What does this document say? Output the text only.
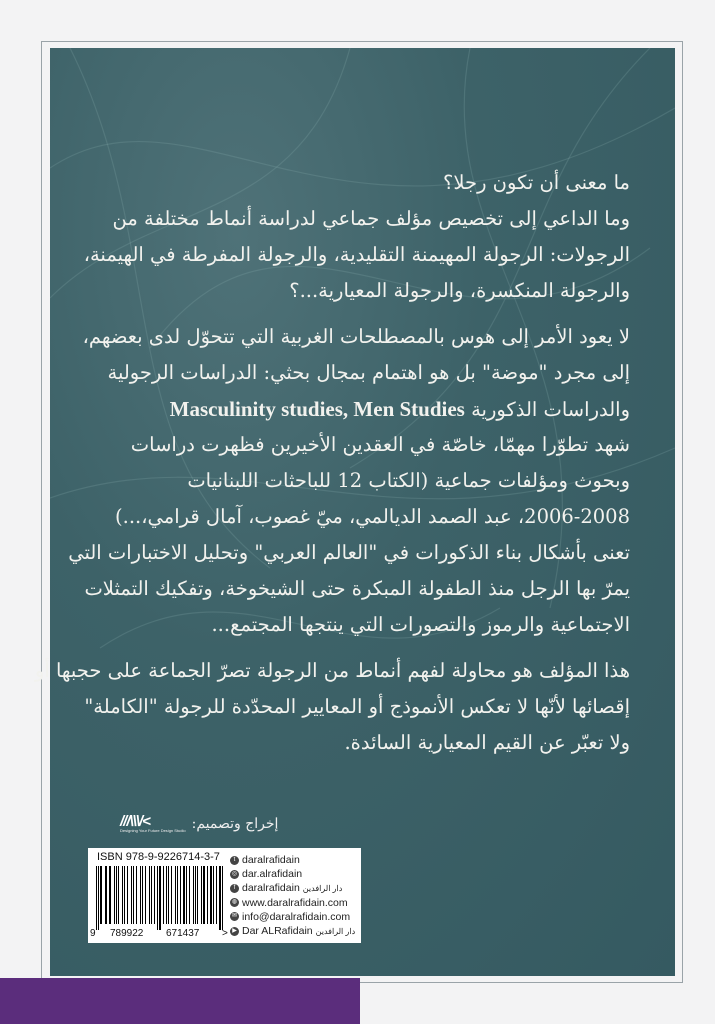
ما معنى أن تكون رجلا؟
وما الداعي إلى تخصيص مؤلف جماعي لدراسة أنماط مختلفة من
الرجولات: الرجولة المهيمنة التقليدية، والرجولة المفرطة في الهيمنة،
والرجولة المنكسرة، والرجولة المعيارية...؟
لا يعود الأمر إلى هوس بالمصطلحات الغربية التي تتحوّل لدى بعضهم،
إلى مجرد "موضة" بل هو اهتمام بمجال بحثي: الدراسات الرجولية
والدراسات الذكورية Masculinity studies, Men Studies
شهد تطوّرا مهمّا، خاصّة في العقدين الأخيرين فظهرت دراسات
وبحوث ومؤلفات جماعية (الكتاب 12 للباحثات اللبنانيات
2006-2008، عبد الصمد الديالمي، ميّ غصوب، آمال قرامي،...)
تعنى بأشكال بناء الذكورات في "العالم العربي" وتحليل الاختبارات التي
يمرّ بها الرجل منذ الطفولة المبكرة حتى الشيخوخة، وتفكيك التمثلات
الاجتماعية والرموز والتصورات التي ينتجها المجتمع...
هذا المؤلف هو محاولة لفهم أنماط من الرجولة تصرّ الجماعة على حجبها أو
إقصائها لأنّها لا تعكس الأنموذج أو المعايير المحدّدة للرجولة "الكاملة"
ولا تعبّر عن القيم المعيارية السائدة.
إخراج وتصميم:
///\\\/<
Designing Your Future Design Studio
ISBN 978-9-9226714-3-7
9 789922 671437 >
t daralrafidain
◎ dar.alrafidain
f daralrafidain دار الرافدين
◍ www.daralrafidain.com
✉ info@daralrafidain.com
▶ Dar ALRafidain دار الرافدين
